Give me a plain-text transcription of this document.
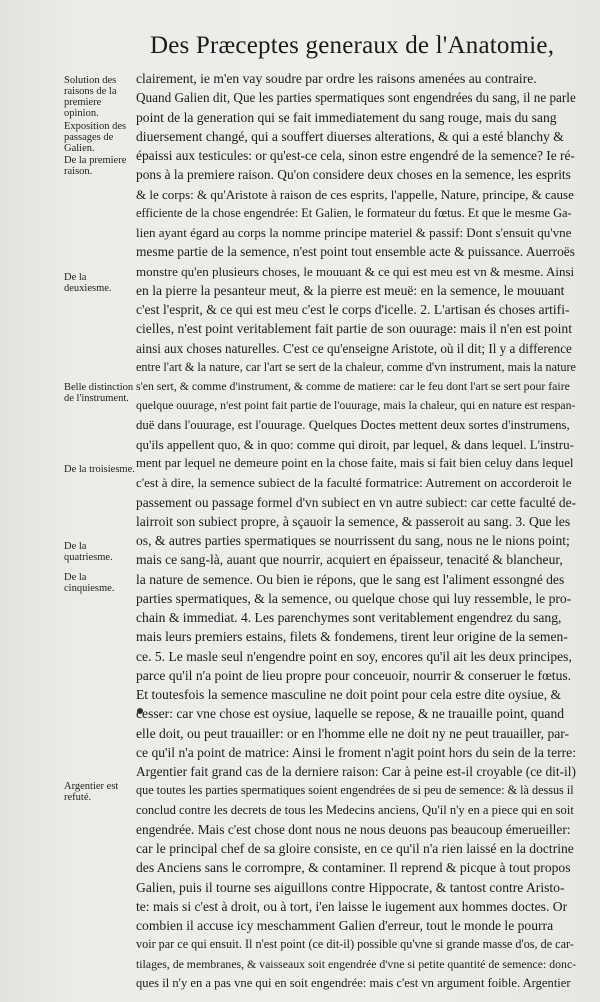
Des Præceptes generaux de l'Anatomie,
Solution des raisons de la premiere opinion.
Exposition des passages de Galien.
De la premiere raison.
De la deuxiesme.
Belle distinction de l'instrument.
De la troisiesme.
De la quatriesme.
De la cinquiesme.
Argentier est refuté.
clairement, ie m'en vay soudre par ordre les raisons amenées au contraire.
Quand Galien dit, Que les parties spermatiques sont engendrées du sang, il ne parle
point de la generation qui se fait immediatement du sang rouge, mais du sang
diuersement changé, qui a souffert diuerses alterations, & qui a esté blanchy &
épaissi aux testicules: or qu'est-ce cela, sinon estre engendré de la semence? Ie ré-
pons à la premiere raison. Qu'on considere deux choses en la semence, les esprits
& le corps: & qu'Aristote à raison de ces esprits, l'appelle, Nature, principe, & cause
efficiente de la chose engendrée: Et Galien, le formateur du fœtus. Et que le mesme Ga-
lien ayant égard au corps la nomme principe materiel & passif: Dont s'ensuit qu'vne
mesme partie de la semence, n'est point tout ensemble acte & puissance. Auerroës
monstre qu'en plusieurs choses, le mouuant & ce qui est meu est vn & mesme. Ainsi
en la pierre la pesanteur meut, & la pierre est meuë: en la semence, le mouuant
c'est l'esprit, & ce qui est meu c'est le corps d'icelle. 2. L'artisan és choses artifi-
cielles, n'est point veritablement fait partie de son ouurage: mais il n'en est point
ainsi aux choses naturelles. C'est ce qu'enseigne Aristote, où il dit; Il y a difference
entre l'art & la nature, car l'art se sert de la chaleur, comme d'vn instrument, mais la nature
s'en sert, & comme d'instrument, & comme de matiere: car le feu dont l'art se sert pour faire
quelque ouurage, n'est point fait partie de l'ouurage, mais la chaleur, qui en nature est respan-
duë dans l'ouurage, est l'ouurage. Quelques Doctes mettent deux sortes d'instrumens,
qu'ils appellent quo, & in quo: comme qui diroit, par lequel, & dans lequel. L'instru-
ment par lequel ne demeure point en la chose faite, mais si fait bien celuy dans lequel
c'est à dire, la semence subiect de la faculté formatrice: Autrement on accorderoit le
passement ou passage formel d'vn subiect en vn autre subiect: car cette faculté de-
lairroit son subiect propre, à sçauoir la semence, & passeroit au sang. 3. Que les
os, & autres parties spermatiques se nourrissent du sang, nous ne le nions point;
mais ce sang-là, auant que nourrir, acquiert en épaisseur, tenacité & blancheur,
la nature de semence. Ou bien ie répons, que le sang est l'aliment essongné des
parties spermatiques, & la semence, ou quelque chose qui luy ressemble, le pro-
chain & immediat. 4. Les parenchymes sont veritablement engendrez du sang,
mais leurs premiers estains, filets & fondemens, tirent leur origine de la semen-
ce. 5. Le masle seul n'engendre point en soy, encores qu'il ait les deux principes,
parce qu'il n'a point de lieu propre pour conceuoir, nourrir & conseruer le fœtus.
Et toutesfois la semence masculine ne doit point pour cela estre dite oysiue, &
cesser: car vne chose est oysiue, laquelle se repose, & ne trauaille point, quand
elle doit, ou peut trauailler: or en l'homme elle ne doit ny ne peut trauailler, par-
ce qu'il n'a point de matrice: Ainsi le froment n'agit point hors du sein de la terre:
Argentier fait grand cas de la derniere raison: Car à peine est-il croyable (ce dit-il)
que toutes les parties spermatiques soient engendrées de si peu de semence: & là dessus il
conclud contre les decrets de tous les Medecins anciens, Qu'il n'y en a piece qui en soit
engendrée. Mais c'est chose dont nous ne nous deuons pas beaucoup émerueiller:
car le principal chef de sa gloire consiste, en ce qu'il n'a rien laissé en la doctrine
des Anciens sans le corrompre, & contaminer. Il reprend & picque à tout propos
Galien, puis il tourne ses aiguillons contre Hippocrate, & tantost contre Aristo-
te: mais si c'est à droit, ou à tort, i'en laisse le iugement aux hommes doctes. Or
combien il accuse icy meschamment Galien d'erreur, tout le monde le pourra
voir par ce qui ensuit. Il n'est point (ce dit-il) possible qu'vne si grande masse d'os, de car-
tilages, de membranes, & vaisseaux soit engendrée d'vne si petite quantité de semence: donc-
ques il n'y en a pas vne qui en soit engendrée: mais c'est vn argument foible. Argentier
